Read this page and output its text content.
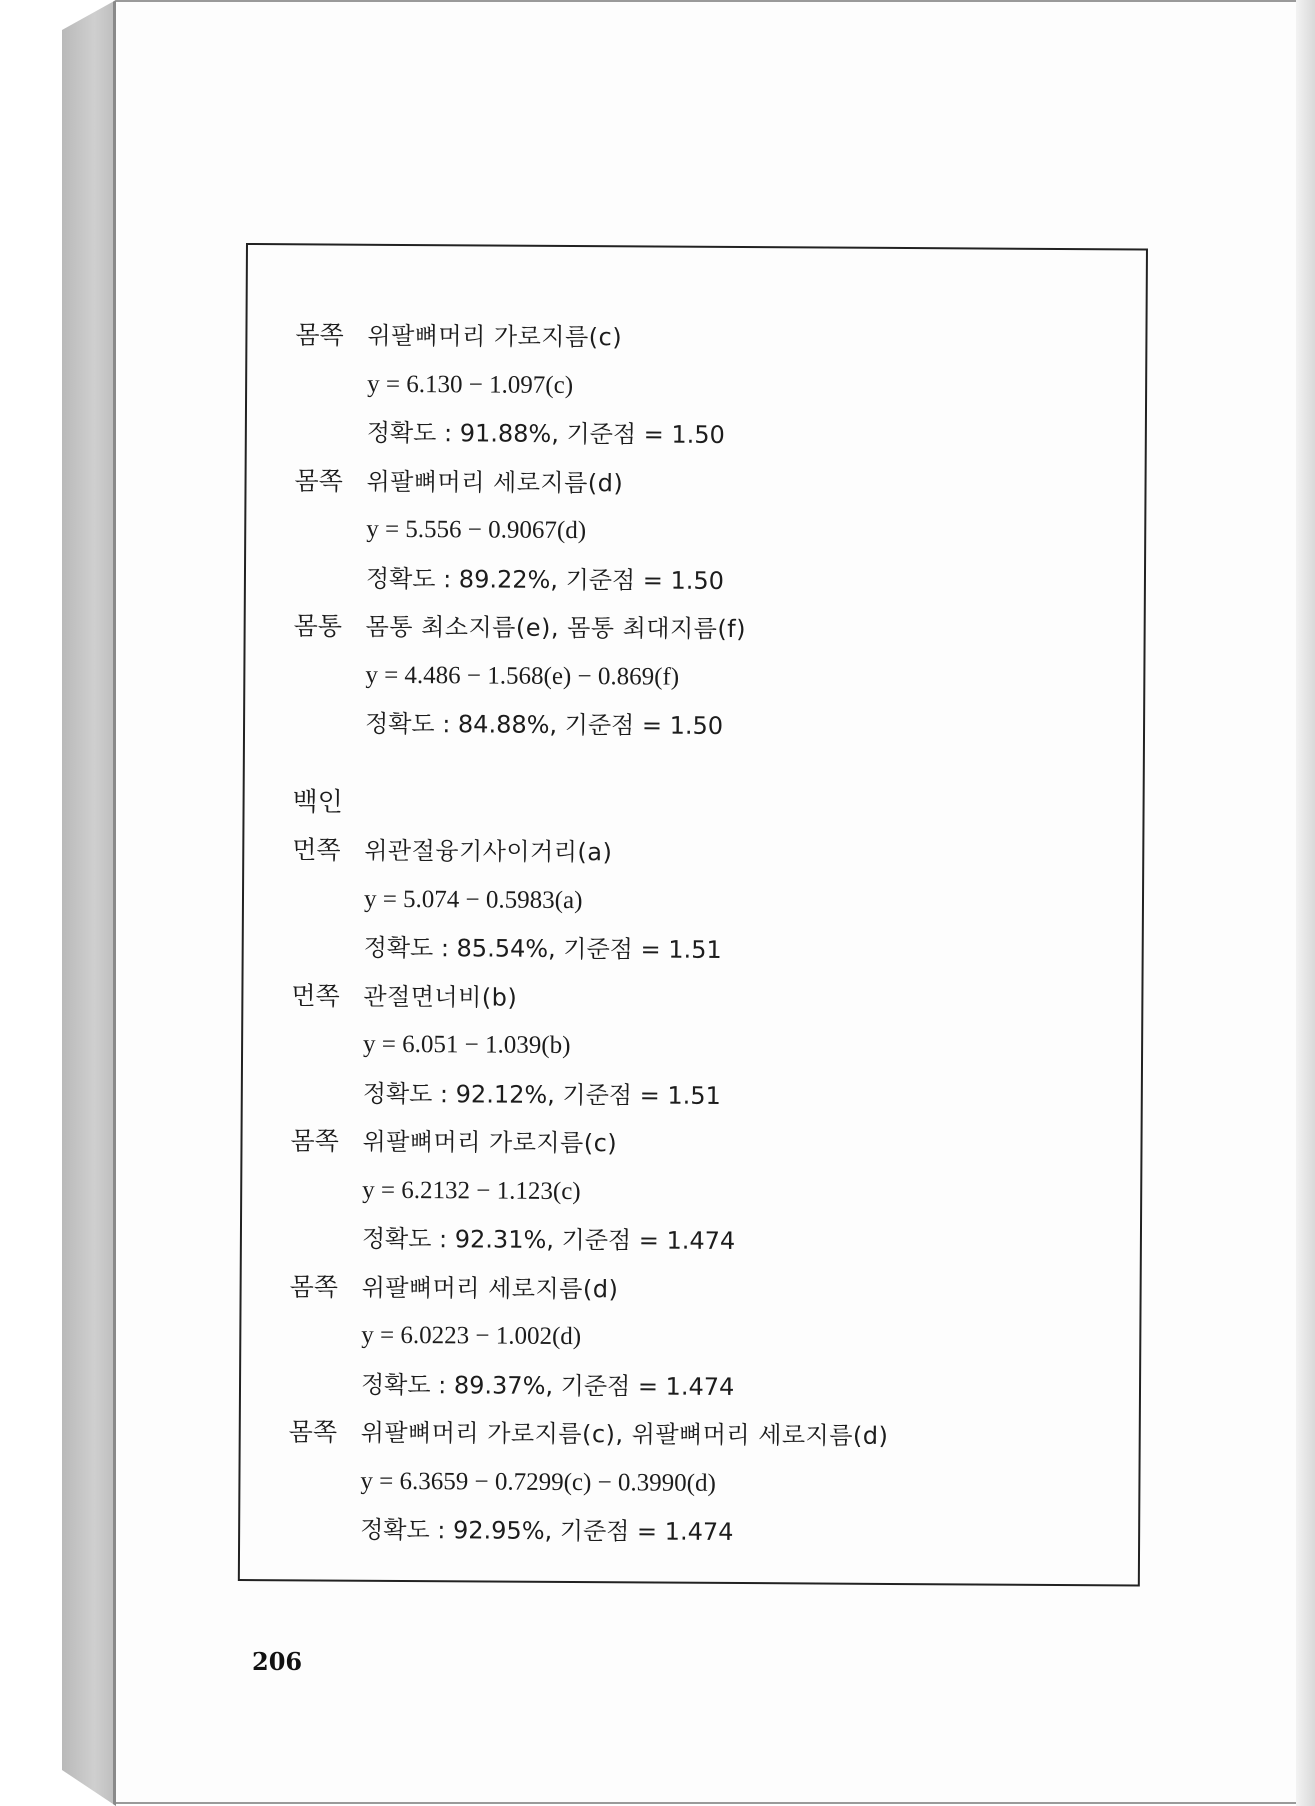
몸쪽 위팔뼈머리 가로지름(c)
y = 6.130 − 1.097(c)
정확도 : 91.88%, 기준점 = 1.50
몸쪽 위팔뼈머리 세로지름(d)
y = 5.556 − 0.9067(d)
정확도 : 89.22%, 기준점 = 1.50
몸통 몸통 최소지름(e), 몸통 최대지름(f)
y = 4.486 − 1.568(e) − 0.869(f)
정확도 : 84.88%, 기준점 = 1.50
백인
먼쪽 위관절융기사이거리(a)
y = 5.074 − 0.5983(a)
정확도 : 85.54%, 기준점 = 1.51
먼쪽 관절면너비(b)
y = 6.051 − 1.039(b)
정확도 : 92.12%, 기준점 = 1.51
몸쪽 위팔뼈머리 가로지름(c)
y = 6.2132 − 1.123(c)
정확도 : 92.31%, 기준점 = 1.474
몸쪽 위팔뼈머리 세로지름(d)
y = 6.0223 − 1.002(d)
정확도 : 89.37%, 기준점 = 1.474
몸쪽 위팔뼈머리 가로지름(c), 위팔뼈머리 세로지름(d)
y = 6.3659 − 0.7299(c) − 0.3990(d)
정확도 : 92.95%, 기준점 = 1.474
206
